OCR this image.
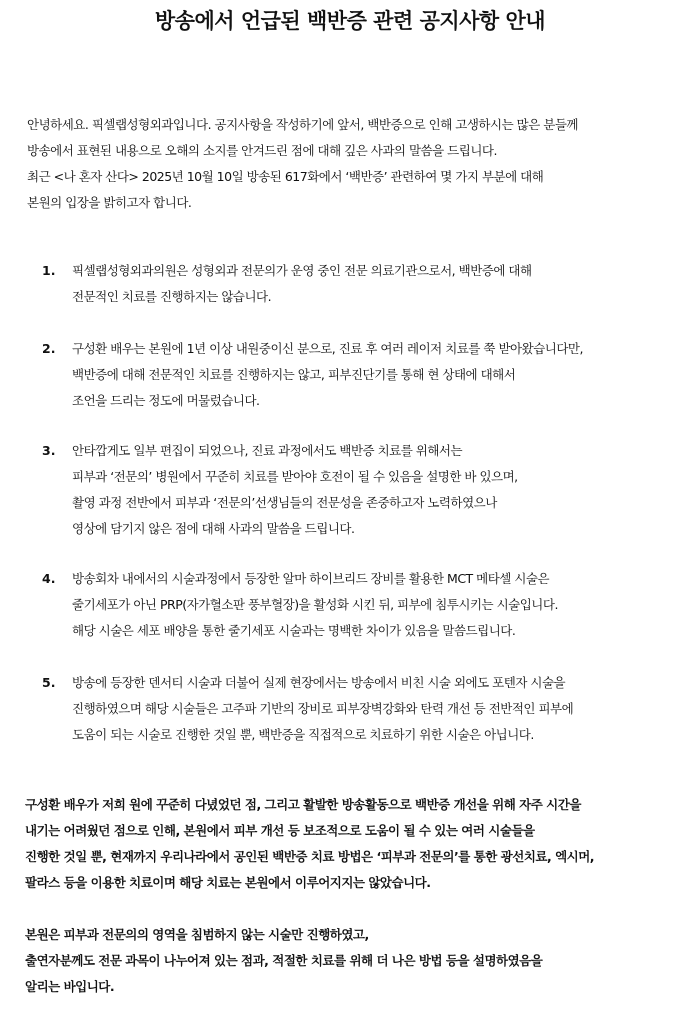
방송에서 언급된 백반증 관련 공지사항 안내
안녕하세요. 픽셀랩성형외과입니다. 공지사항을 작성하기에 앞서, 백반증으로 인해 고생하시는 많은 분들께
방송에서 표현된 내용으로 오해의 소지를 안겨드린 점에 대해 깊은 사과의 말씀을 드립니다.
최근 <나 혼자 산다> 2025년 10월 10일 방송된 617화에서 ‘백반증’ 관련하여 몇 가지 부분에 대해
본원의 입장을 밝히고자 합니다.
1. 픽셀랩성형외과의원은 성형외과 전문의가 운영 중인 전문 의료기관으로서, 백반증에 대해
전문적인 치료를 진행하지는 않습니다.
2. 구성환 배우는 본원에 1년 이상 내원중이신 분으로, 진료 후 여러 레이저 치료를 쭉 받아왔습니다만,
백반증에 대해 전문적인 치료를 진행하지는 않고, 피부진단기를 통해 현 상태에 대해서
조언을 드리는 정도에 머물렀습니다.
3. 안타깝게도 일부 편집이 되었으나, 진료 과정에서도 백반증 치료를 위해서는
피부과 ‘전문의’ 병원에서 꾸준히 치료를 받아야 호전이 될 수 있음을 설명한 바 있으며,
촬영 과정 전반에서 피부과 ‘전문의’선생님들의 전문성을 존중하고자 노력하였으나
영상에 담기지 않은 점에 대해 사과의 말씀을 드립니다.
4. 방송회차 내에서의 시술과정에서 등장한 알마 하이브리드 장비를 활용한 MCT 메타셀 시술은
줄기세포가 아닌 PRP(자가혈소판 풍부혈장)을 활성화 시킨 뒤, 피부에 침투시키는 시술입니다.
해당 시술은 세포 배양을 통한 줄기세포 시술과는 명백한 차이가 있음을 말씀드립니다.
5. 방송에 등장한 덴서티 시술과 더불어 실제 현장에서는 방송에서 비친 시술 외에도 포텐자 시술을
진행하였으며 해당 시술들은 고주파 기반의 장비로 피부장벽강화와 탄력 개선 등 전반적인 피부에
도움이 되는 시술로 진행한 것일 뿐, 백반증을 직접적으로 치료하기 위한 시술은 아닙니다.
구성환 배우가 저희 원에 꾸준히 다녔었던 점, 그리고 활발한 방송활동으로 백반증 개선을 위해 자주 시간을
내기는 어려웠던 점으로 인해, 본원에서 피부 개선 등 보조적으로 도움이 될 수 있는 여러 시술들을
진행한 것일 뿐, 현재까지 우리나라에서 공인된 백반증 치료 방법은 ‘피부과 전문의’를 통한 광선치료, 엑시머,
팔라스 등을 이용한 치료이며 해당 치료는 본원에서 이루어지지는 않았습니다.
본원은 피부과 전문의의 영역을 침범하지 않는 시술만 진행하였고,
출연자분께도 전문 과목이 나누어져 있는 점과, 적절한 치료를 위해 더 나은 방법 등을 설명하였음을
알리는 바입니다.
